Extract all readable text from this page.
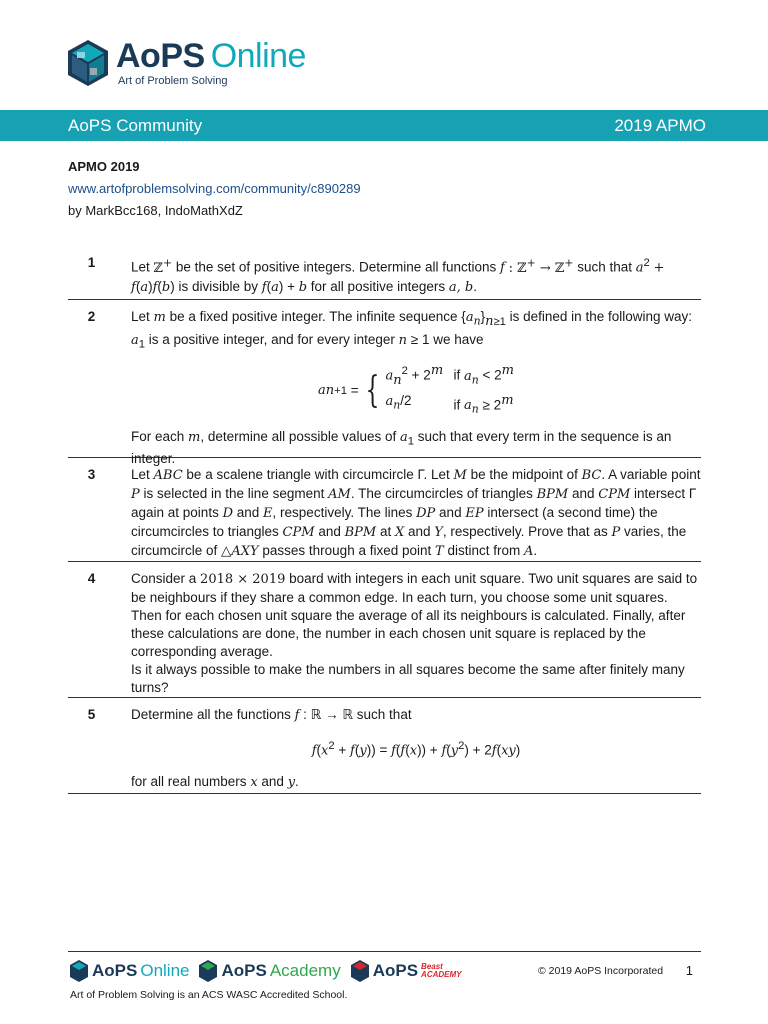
AoPS Online
Art of Problem Solving
AoPS Community	2019 APMO
APMO 2019
www.artofproblemsolving.com/community/c890289
by MarkBcc168, IndoMathXdZ
1	Let ℤ+ be the set of positive integers. Determine all functions f : ℤ+ → ℤ+ such that $a^2 + f(a)f(b)$ is divisible by f(a) + b for all positive integers a, b.
2	Let m be a fixed positive integer. The infinite sequence $\{a_n\}_{n\ge 1}$ is defined in the following way: $a_1$ is a positive integer, and for every integer n ≥ 1 we have
a n+1 = { $a_n^2 + 2^m$ if $a_n < 2^m$
$a_n/2$	if $a_n \ge 2^m$
For each m, determine all possible values of $a_1$ such that every term in the sequence is an integer.
3	Let ABC be a scalene triangle with circumcircle Γ. Let M be the midpoint of BC. A variable point P is selected in the line segment AM. The circumcircles of triangles BPM and CPM intersect Γ again at points D and E, respectively. The lines DP and EP intersect (a second time) the circumcircles to triangles CPM and BPM at X and Y, respectively. Prove that as P varies, the circumcircle of △AXY passes through a fixed point T distinct from A.
4	Consider a 2018 × 2019 board with integers in each unit square. Two unit squares are said to be neighbours if they share a common edge. In each turn, you choose some unit squares. Then for each chosen unit square the average of all its neighbours is calculated. Finally, after these calculations are done, the number in each chosen unit square is replaced by the corresponding average.
Is it always possible to make the numbers in all squares become the same after finitely many turns?
5	Determine all the functions f : ℝ → ℝ such that
$f(x^2 + f(y)) = f(f(x)) + f(y^2) + 2f(xy)$
for all real numbers x and y.
AoPS Online AoPS Academy AoPS Beast ACADEMY	© 2019 AoPS Incorporated 1
Art of Problem Solving is an ACS WASC Accredited School.
